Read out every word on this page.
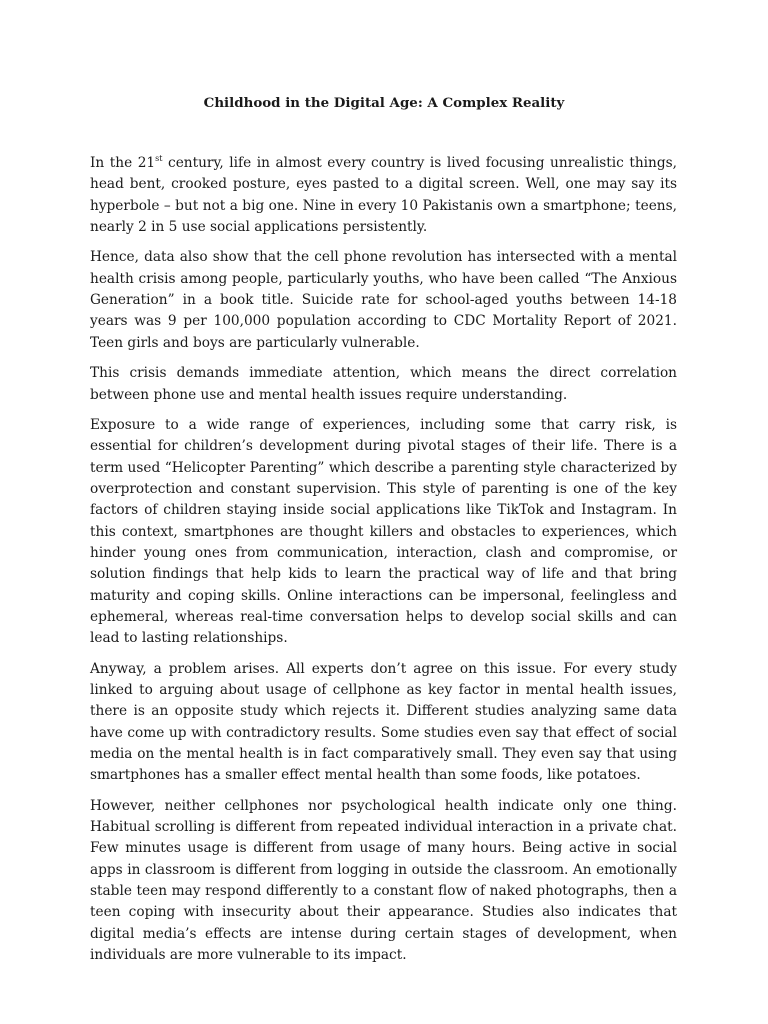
Childhood in the Digital Age: A Complex Reality

In the 21st century, life in almost every country is lived focusing unrealistic things, head bent, crooked posture, eyes pasted to a digital screen. Well, one may say its hyperbole – but not a big one. Nine in every 10 Pakistanis own a smartphone; teens, nearly 2 in 5 use social applications persistently.

Hence, data also show that the cell phone revolution has intersected with a mental health crisis among people, particularly youths, who have been called “The Anxious Generation” in a book title. Suicide rate for school-aged youths between 14-18 years was 9 per 100,000 population according to CDC Mortality Report of 2021. Teen girls and boys are particularly vulnerable.

This crisis demands immediate attention, which means the direct correlation between phone use and mental health issues require understanding.

Exposure to a wide range of experiences, including some that carry risk, is essential for children’s development during pivotal stages of their life. There is a term used “Helicopter Parenting” which describe a parenting style characterized by overprotection and constant supervision. This style of parenting is one of the key factors of children staying inside social applications like TikTok and Instagram. In this context, smartphones are thought killers and obstacles to experiences, which hinder young ones from communication, interaction, clash and compromise, or solution findings that help kids to learn the practical way of life and that bring maturity and coping skills. Online interactions can be impersonal, feelingless and ephemeral, whereas real-time conversation helps to develop social skills and can lead to lasting relationships.

Anyway, a problem arises. All experts don’t agree on this issue. For every study linked to arguing about usage of cellphone as key factor in mental health issues, there is an opposite study which rejects it. Different studies analyzing same data have come up with contradictory results. Some studies even say that effect of social media on the mental health is in fact comparatively small. They even say that using smartphones has a smaller effect mental health than some foods, like potatoes.

However, neither cellphones nor psychological health indicate only one thing. Habitual scrolling is different from repeated individual interaction in a private chat. Few minutes usage is different from usage of many hours. Being active in social apps in classroom is different from logging in outside the classroom. An emotionally stable teen may respond differently to a constant flow of naked photographs, then a teen coping with insecurity about their appearance. Studies also indicates that digital media’s effects are intense during certain stages of development, when individuals are more vulnerable to its impact.
